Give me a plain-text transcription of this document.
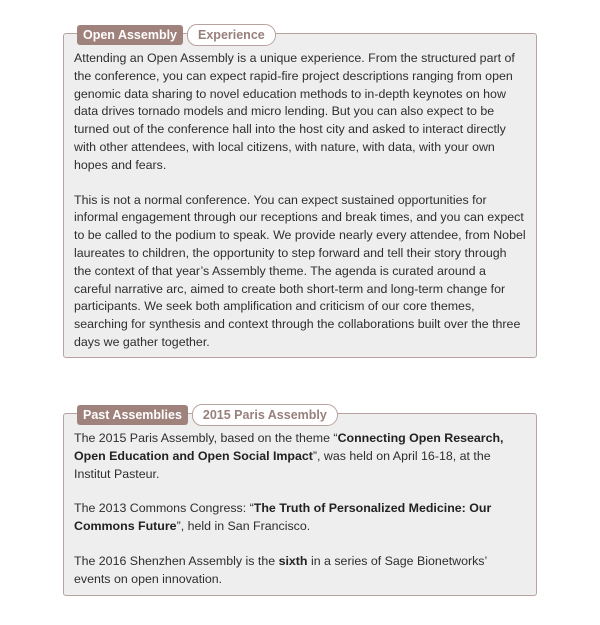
Open Assembly	Experience

Attending an Open Assembly is a unique experience. From the structured part of the conference, you can expect rapid-fire project descriptions ranging from open genomic data sharing to novel education methods to in-depth keynotes on how data drives tornado models and micro lending. But you can also expect to be turned out of the conference hall into the host city and asked to interact directly with other attendees, with local citizens, with nature, with data, with your own hopes and fears.

This is not a normal conference. You can expect sustained opportunities for informal engagement through our receptions and break times, and you can expect to be called to the podium to speak. We provide nearly every attendee, from Nobel laureates to children, the opportunity to step forward and tell their story through the context of that year’s Assembly theme. The agenda is curated around a careful narrative arc, aimed to create both short-term and long-term change for participants. We seek both amplification and criticism of our core themes, searching for synthesis and context through the collaborations built over the three days we gather together.

Past Assemblies	2015 Paris Assembly

The 2015 Paris Assembly, based on the theme “Connecting Open Research, Open Education and Open Social Impact”, was held on April 16-18, at the Institut Pasteur.

The 2013 Commons Congress: “The Truth of Personalized Medicine: Our Commons Future”, held in San Francisco.

The 2016 Shenzhen Assembly is the sixth in a series of Sage Bionetworks’ events on open innovation.
